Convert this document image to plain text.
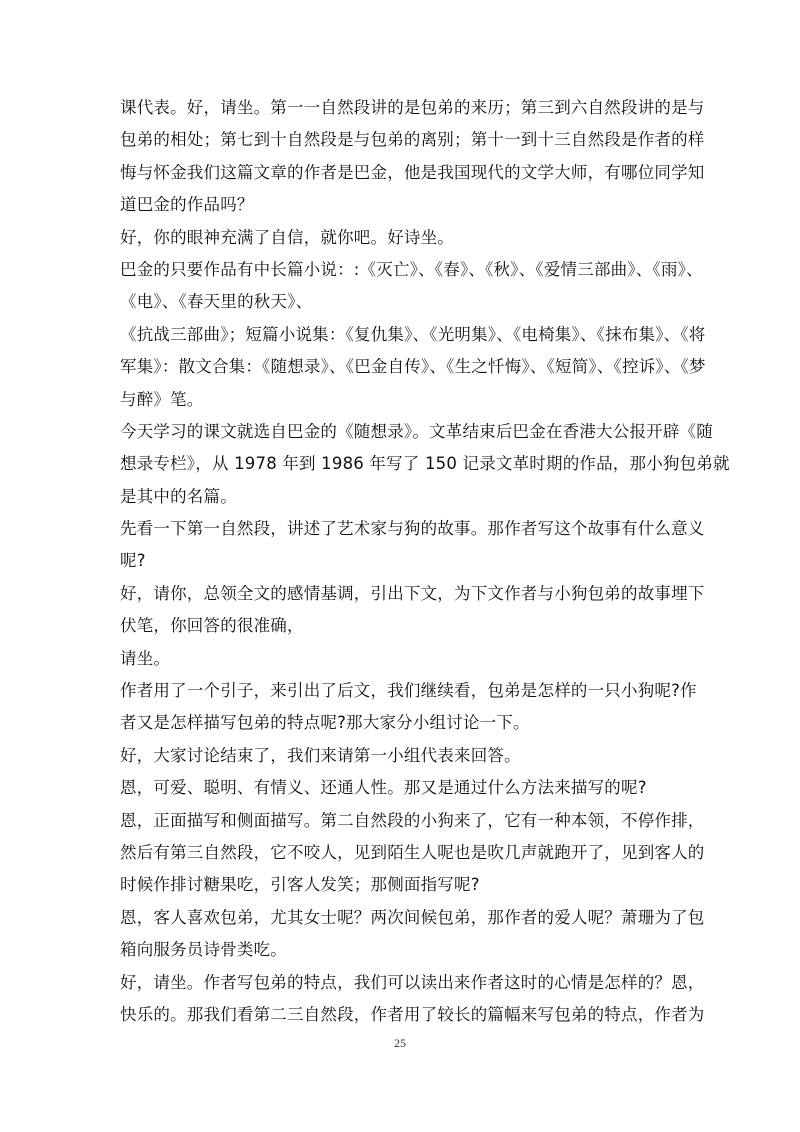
课代表。好，请坐。第一一自然段讲的是包弟的来历；第三到六自然段讲的是与
包弟的相处；第七到十自然段是与包弟的离别；第十一到十三自然段是作者的样
悔与怀金我们这篇文章的作者是巴金，他是我国现代的文学大师，有哪位同学知
道巴金的作品吗？
好，你的眼神充满了自信，就你吧。好诗坐。
巴金的只要作品有中长篇小说：:《灭亡》、《春》、《秋》、《爱情三部曲》、《雨》、
《电》、《春天里的秋天》、
《抗战三部曲》；短篇小说集：《复仇集》、《光明集》、《电椅集》、《抹布集》、《将
军集》：散文合集：《随想录》、《巴金自传》、《生之忏悔》、《短简》、《控诉》、《梦
与醉》笔。
今天学习的课文就选自巴金的《随想录》。文革结束后巴金在香港大公报开辟《随
想录专栏》，从 1978 年到 1986 年写了 150 记录文革时期的作品，那小狗包弟就
是其中的名篇。
先看一下第一自然段，讲述了艺术家与狗的故事。那作者写这个故事有什么意义
呢?
好，请你，总领全文的感情基调，引出下文，为下文作者与小狗包弟的故事埋下
伏笔，你回答的很准确，
请坐。
作者用了一个引子，来引出了后文，我们继续看，包弟是怎样的一只小狗呢?作
者又是怎样描写包弟的特点呢?那大家分小组讨论一下。
好，大家讨论结束了，我们来请第一小组代表来回答。
恩，可爱、聪明、有情义、还通人性。那又是通过什么方法来描写的呢?
恩，正面描写和侧面描写。第二自然段的小狗来了，它有一种本领，不停作排，
然后有第三自然段，它不咬人，见到陌生人呢也是吹几声就跑开了，见到客人的
时候作排讨糖果吃，引客人发笑；那侧面指写呢?
恩，客人喜欢包弟，尤其女士呢？两次间候包弟，那作者的爱人呢？萧珊为了包
箱向服务员诗骨类吃。
好，请坐。作者写包弟的特点，我们可以读出来作者这时的心情是怎样的？恩，
快乐的。那我们看第二三自然段，作者用了较长的篇幅来写包弟的特点，作者为
25
